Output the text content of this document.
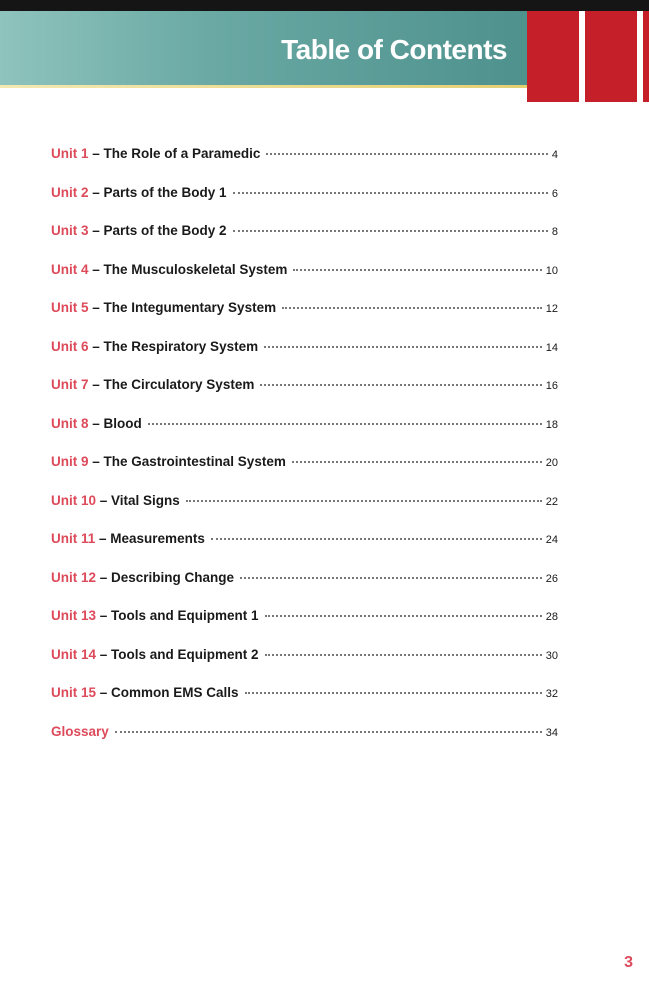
Table of Contents
Unit 1 – The Role of a Paramedic	4
Unit 2 – Parts of the Body 1	6
Unit 3 – Parts of the Body 2	8
Unit 4 – The Musculoskeletal System	10
Unit 5 – The Integumentary System	12
Unit 6 – The Respiratory System	14
Unit 7 – The Circulatory System	16
Unit 8 – Blood	18
Unit 9 – The Gastrointestinal System	20
Unit 10 – Vital Signs	22
Unit 11 – Measurements	24
Unit 12 – Describing Change	26
Unit 13 – Tools and Equipment 1	28
Unit 14 – Tools and Equipment 2	30
Unit 15 – Common EMS Calls	32
Glossary	34
3
